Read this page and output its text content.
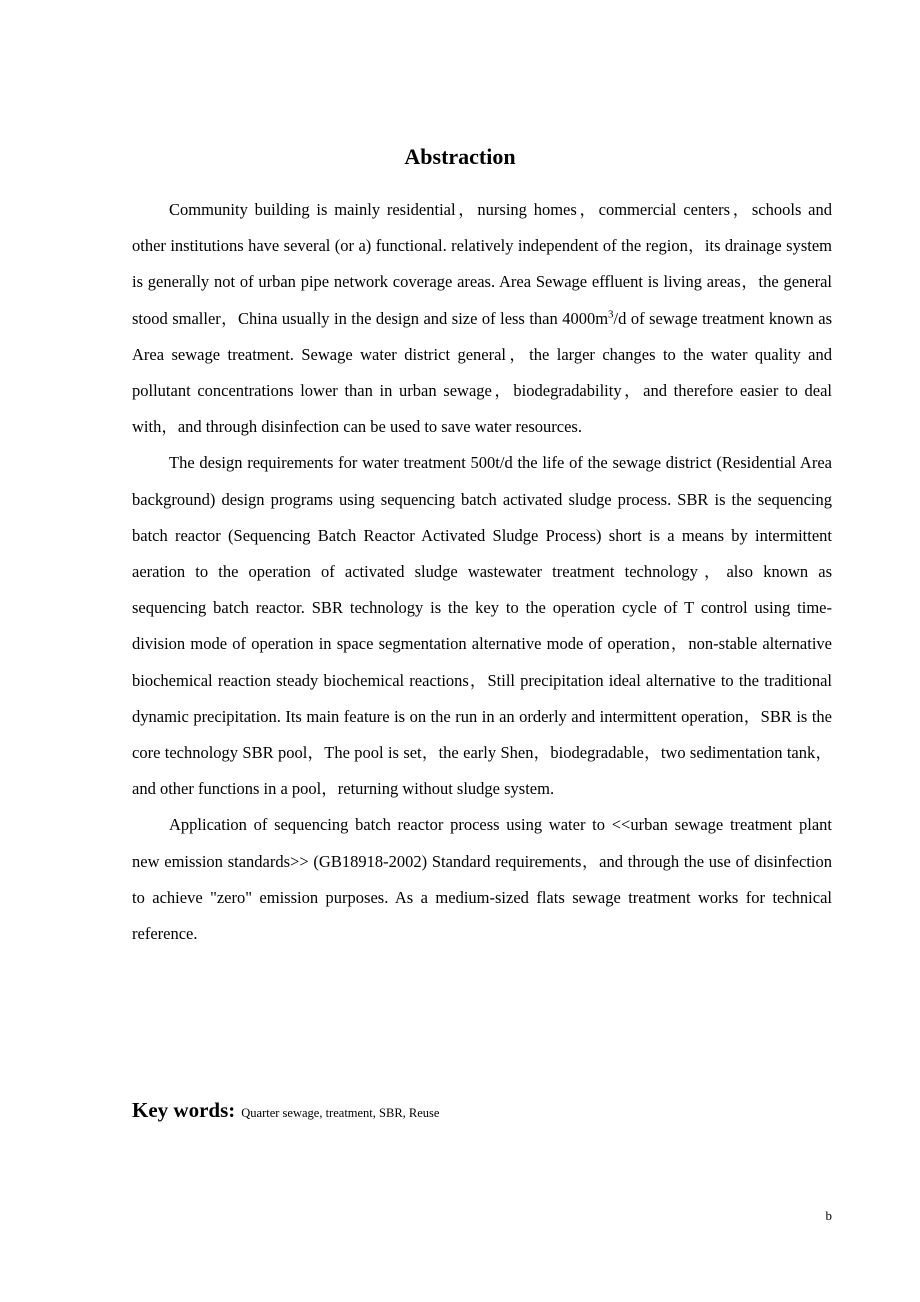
Abstraction

Community building is mainly residential，nursing homes，commercial centers，schools and other institutions have several (or a) functional. relatively independent of the region，its drainage system is generally not of urban pipe network coverage areas. Area Sewage effluent is living areas，the general stood smaller，China usually in the design and size of less than $4000m^3/d$ of sewage treatment known as Area sewage treatment. Sewage water district general，the larger changes to the water quality and pollutant concentrations lower than in urban sewage，biodegradability，and therefore easier to deal with，and through disinfection can be used to save water resources.

The design requirements for water treatment 500t/d the life of the sewage district (Residential Area background) design programs using sequencing batch activated sludge process. SBR is the sequencing batch reactor (Sequencing Batch Reactor Activated Sludge Process) short is a means by intermittent aeration to the operation of activated sludge wastewater treatment technology，also known as sequencing batch reactor. SBR technology is the key to the operation cycle of T control using time-division mode of operation in space segmentation alternative mode of operation，non-stable alternative biochemical reaction steady biochemical reactions，Still precipitation ideal alternative to the traditional dynamic precipitation. Its main feature is on the run in an orderly and intermittent operation，SBR is the core technology SBR pool，The pool is set，the early Shen，biodegradable，two sedimentation tank，and other functions in a pool，returning without sludge system.

Application of sequencing batch reactor process using water to <<urban sewage treatment plant new emission standards>> (GB18918-2002) Standard requirements，and through the use of disinfection to achieve "zero" emission purposes. As a medium-sized flats sewage treatment works for technical reference.

Key words: Quarter sewage, treatment, SBR, Reuse
b
